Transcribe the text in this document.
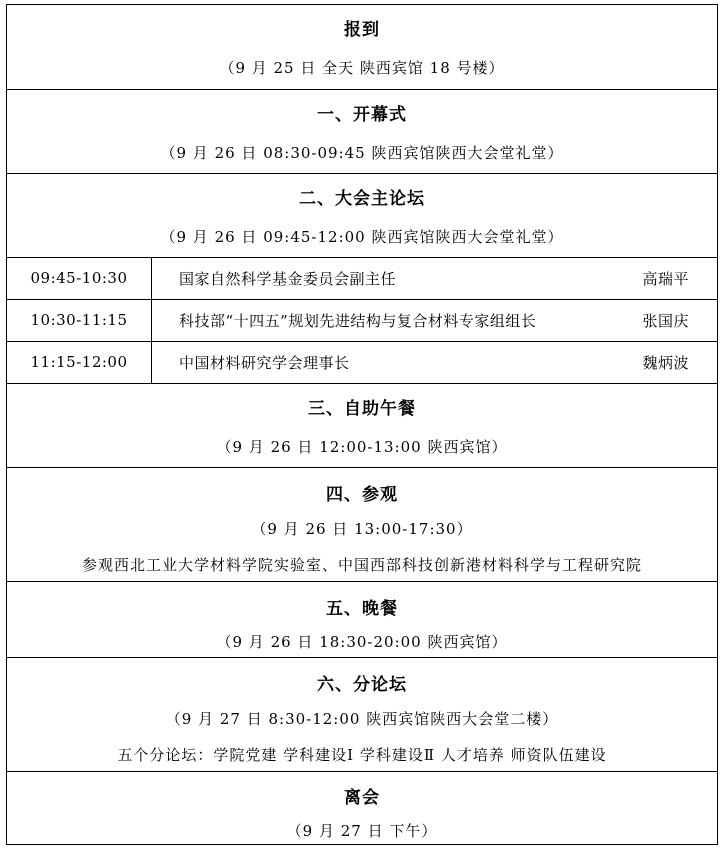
报到
（9 月 25 日 全天 陕西宾馆 18 号楼）
一、开幕式
（9 月 26 日 08:30-09:45 陕西宾馆陕西大会堂礼堂）
二、大会主论坛
（9 月 26 日 09:45-12:00 陕西宾馆陕西大会堂礼堂）
09:45-10:30	国家自然科学基金委员会副主任	高瑞平
10:30-11:15	科技部“十四五”规划先进结构与复合材料专家组组长	张国庆
11:15-12:00	中国材料研究学会理事长	魏炳波
三、自助午餐
（9 月 26 日 12:00-13:00 陕西宾馆）
四、参观
（9 月 26 日 13:00-17:30）
参观西北工业大学材料学院实验室、中国西部科技创新港材料科学与工程研究院
五、晚餐
（9 月 26 日 18:30-20:00 陕西宾馆）
六、分论坛
（9 月 27 日 8:30-12:00 陕西宾馆陕西大会堂二楼）
五个分论坛：学院党建 学科建设Ⅰ 学科建设Ⅱ 人才培养 师资队伍建设
离会
（9 月 27 日 下午）
